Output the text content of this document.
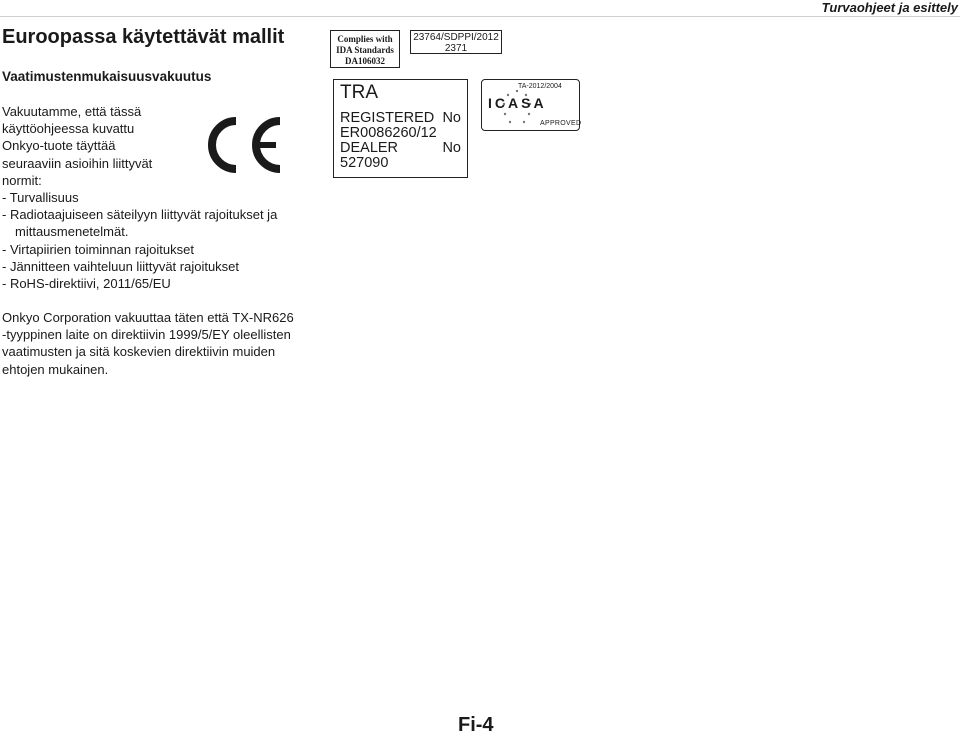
Turvaohjeet ja esittely
Euroopassa käytettävät mallit
Vaatimustenmukaisuusvakuutus
Vakuutamme, että tässä
käyttöohjeessa kuvattu
Onkyo-tuote täyttää
seuraaviin asioihin liittyvät
normit:
- Turvallisuus
- Radiotaajuiseen säteilyyn liittyvät rajoitukset ja
mittausmenetelmät.
- Virtapiirien toiminnan rajoitukset
- Jännitteen vaihteluun liittyvät rajoitukset
- RoHS-direktiivi, 2011/65/EU
Onkyo Corporation vakuuttaa täten että TX-NR626
-tyyppinen laite on direktiivin 1999/5/EY oleellisten
vaatimusten ja sitä koskevien direktiivin muiden
ehtojen mukainen.
Complies with
IDA Standards
DA106032
23764/SDPPI/2012
2371
TRA
REGISTERED No
ER0086260/12
DEALER	No
527090
TA-2012/2004
ICASA
APPROVED
Fi-4
